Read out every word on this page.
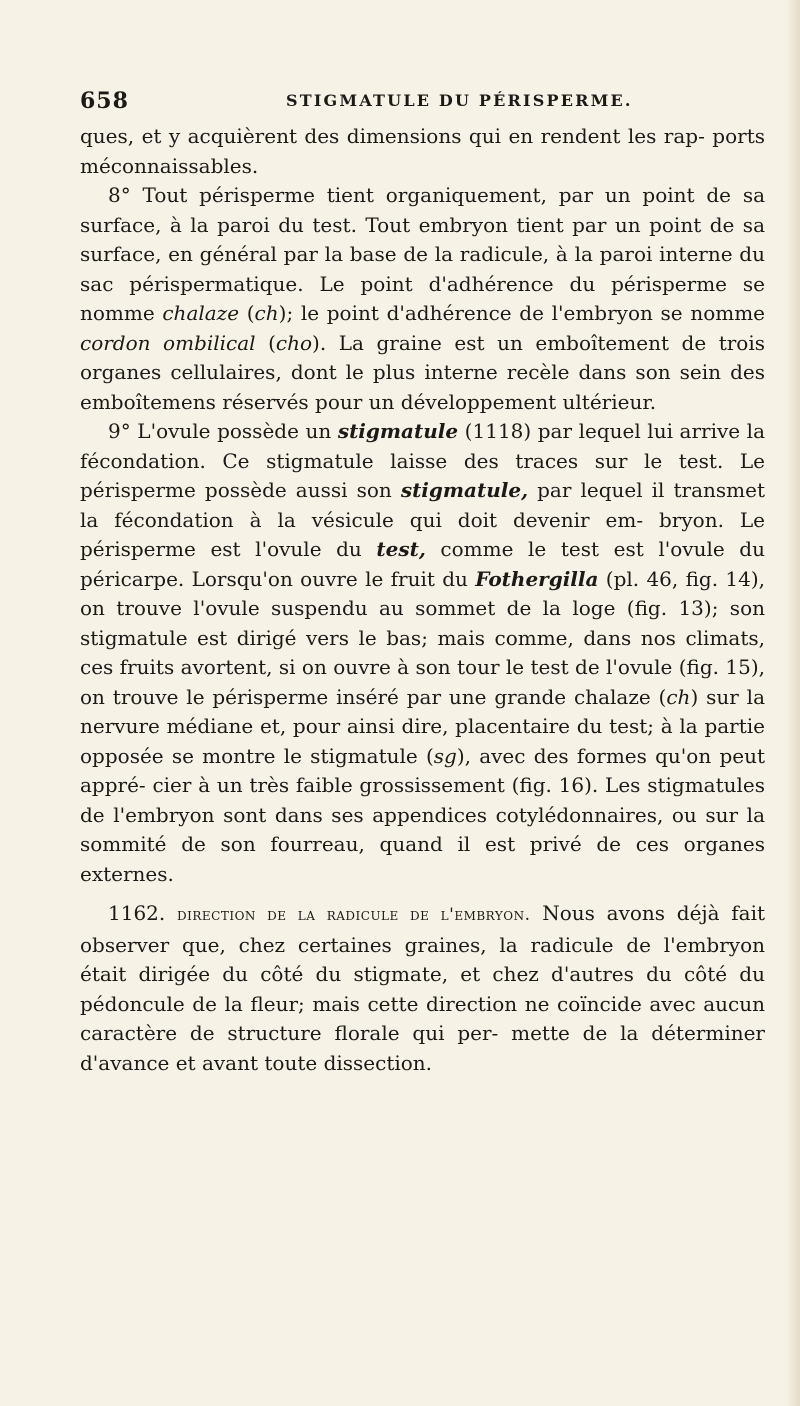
658	STIGMATULE DU PÉRISPERME.

ques, et y acquièrent des dimensions qui en rendent les rap- ports méconnaissables.

8° Tout périsperme tient organiquement, par un point de sa surface, à la paroi du test. Tout embryon tient par un point de sa surface, en général par la base de la radicule, à la paroi interne du sac périspermatique. Le point d'adhérence du périsperme se nomme chalaze (ch); le point d'adhérence de l'embryon se nomme cordon ombilical (cho). La graine est un emboîtement de trois organes cellulaires, dont le plus interne recèle dans son sein des emboîtemens réservés pour un développement ultérieur.

9° L'ovule possède un stigmatule (1118) par lequel lui arrive la fécondation. Ce stigmatule laisse des traces sur le test. Le périsperme possède aussi son stigmatule, par lequel il transmet la fécondation à la vésicule qui doit devenir em- bryon. Le périsperme est l'ovule du test, comme le test est l'ovule du péricarpe. Lorsqu'on ouvre le fruit du Fothergilla (pl. 46, fig. 14), on trouve l'ovule suspendu au sommet de la loge (fig. 13); son stigmatule est dirigé vers le bas; mais comme, dans nos climats, ces fruits avortent, si on ouvre à son tour le test de l'ovule (fig. 15), on trouve le périsperme inséré par une grande chalaze (ch) sur la nervure médiane et, pour ainsi dire, placentaire du test; à la partie opposée se montre le stigmatule (sg), avec des formes qu'on peut appré- cier à un très faible grossissement (fig. 16). Les stigmatules de l'embryon sont dans ses appendices cotylédonnaires, ou sur la sommité de son fourreau, quand il est privé de ces organes externes.

1162. direction de la radicule de l'embryon. Nous avons déjà fait observer que, chez certaines graines, la radicule de l'embryon était dirigée du côté du stigmate, et chez d'autres du côté du pédoncule de la fleur; mais cette direction ne coïncide avec aucun caractère de structure florale qui per- mette de la déterminer d'avance et avant toute dissection.
